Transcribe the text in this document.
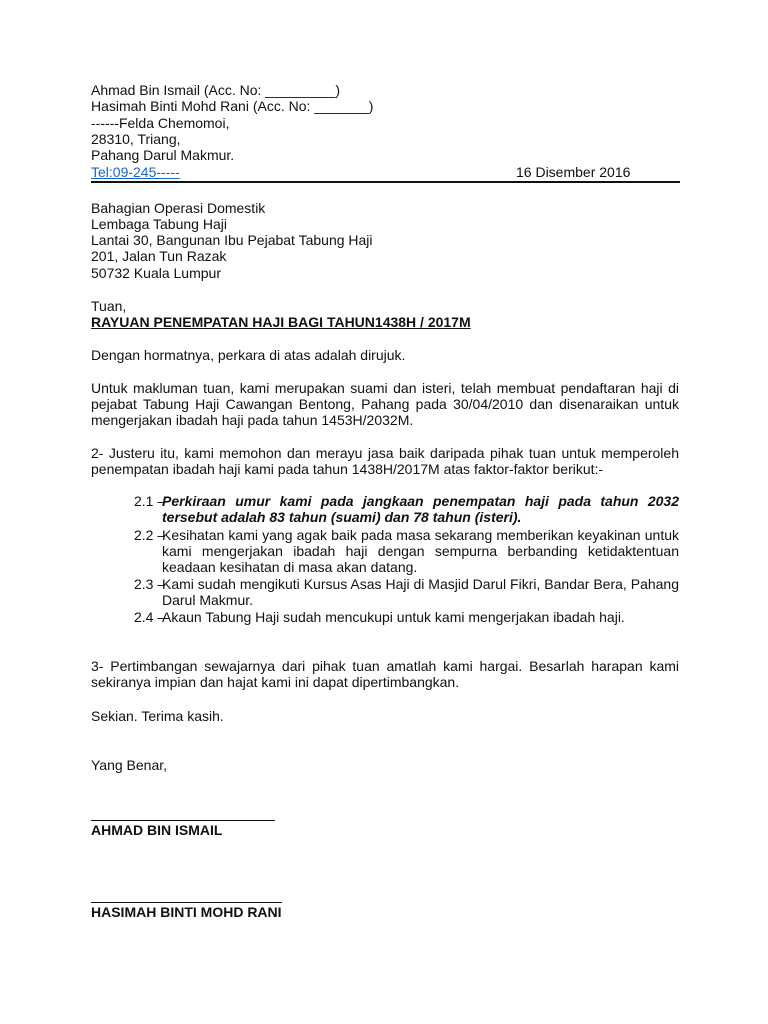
Ahmad Bin Ismail (Acc. No: _________)
Hasimah Binti Mohd Rani (Acc. No: _______)
------Felda Chemomoi,
28310, Triang,
Pahang Darul Makmur.
Tel:09-245-----	16 Disember 2016
Bahagian Operasi Domestik
Lembaga Tabung Haji
Lantai 30, Bangunan Ibu Pejabat Tabung Haji
201, Jalan Tun Razak
50732 Kuala Lumpur
Tuan,
RAYUAN PENEMPATAN HAJI BAGI TAHUN1438H / 2017M
Dengan hormatnya, perkara di atas adalah dirujuk.
Untuk makluman tuan, kami merupakan suami dan isteri, telah membuat pendaftaran haji di pejabat Tabung Haji Cawangan Bentong, Pahang pada 30/04/2010 dan disenaraikan untuk mengerjakan ibadah haji pada tahun 1453H/2032M.
2- Justeru itu, kami memohon dan merayu jasa baik daripada pihak tuan untuk memperoleh penempatan ibadah haji kami pada tahun 1438H/2017M atas faktor-faktor berikut:-
2.1 –
Perkiraan umur kami pada jangkaan penempatan haji pada tahun 2032 tersebut adalah 83 tahun (suami) dan 78 tahun (isteri).
2.2 –
Kesihatan kami yang agak baik pada masa sekarang memberikan keyakinan untuk kami mengerjakan ibadah haji dengan sempurna berbanding ketidaktentuan keadaan kesihatan di masa akan datang.
2.3 –
Kami sudah mengikuti Kursus Asas Haji di Masjid Darul Fikri, Bandar Bera, Pahang Darul Makmur.
2.4 –
Akaun Tabung Haji sudah mencukupi untuk kami mengerjakan ibadah haji.
3- Pertimbangan sewajarnya dari pihak tuan amatlah kami hargai. Besarlah harapan kami sekiranya impian dan hajat kami ini dapat dipertimbangkan.
Sekian. Terima kasih.
Yang Benar,
AHMAD BIN ISMAIL
HASIMAH BINTI MOHD RANI
